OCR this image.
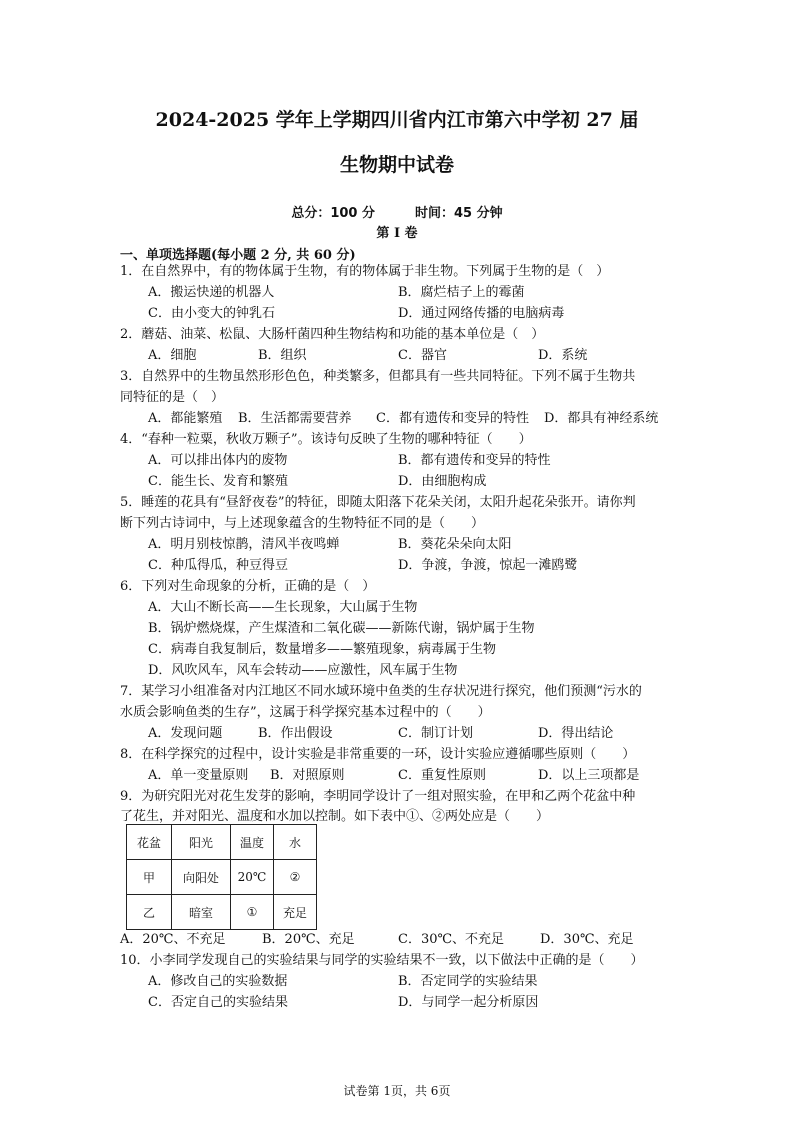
2024-2025 学年上学期四川省内江市第六中学初 27 届
生物期中试卷
总分：100 分	时间：45 分钟
第 I 卷
一、单项选择题(每小题 2 分, 共 60 分)
1．在自然界中，有的物体属于生物，有的物体属于非生物。下列属于生物的是（　）
A．搬运快递的机器人	B．腐烂桔子上的霉菌
C．由小变大的钟乳石	D．通过网络传播的电脑病毒
2．蘑菇、油菜、松鼠、大肠杆菌四种生物结构和功能的基本单位是（　）
A．细胞	B．组织	C．器官	D．系统
3．自然界中的生物虽然形形色色，种类繁多，但都具有一些共同特征。下列不属于生物共
同特征的是（　）
A．都能繁殖 B．生活都需要营养 C．都有遗传和变异的特性 D．都具有神经系统
4．“春种一粒粟，秋收万颗子”。该诗句反映了生物的哪种特征（　　）
A．可以排出体内的废物	B．都有遗传和变异的特性
C．能生长、发育和繁殖	D．由细胞构成
5．睡莲的花具有“昼舒夜卷”的特征，即随太阳落下花朵关闭，太阳升起花朵张开。请你判
断下列古诗词中，与上述现象蕴含的生物特征不同的是（　　）
A．明月别枝惊鹊，清风半夜鸣蝉	B．葵花朵朵向太阳
C．种瓜得瓜，种豆得豆	D．争渡，争渡，惊起一滩鸥鹭
6．下列对生命现象的分析，正确的是（　）
A．大山不断长高——生长现象，大山属于生物
B．锅炉燃烧煤，产生煤渣和二氧化碳——新陈代谢，锅炉属于生物
C．病毒自我复制后，数量增多——繁殖现象，病毒属于生物
D．风吹风车，风车会转动——应激性，风车属于生物
7．某学习小组准备对内江地区不同水域环境中鱼类的生存状况进行探究，他们预测“污水的
水质会影响鱼类的生存”，这属于科学探究基本过程中的（　　）
A．发现问题	B．作出假设	C．制订计划	D．得出结论
8．在科学探究的过程中，设计实验是非常重要的一环，设计实验应遵循哪些原则（　　）
A．单一变量原则 B．对照原则	C．重复性原则	D．以上三项都是
9．为研究阳光对花生发芽的影响，李明同学设计了一组对照实验，在甲和乙两个花盆中种
了花生，并对阳光、温度和水加以控制。如下表中①、②两处应是（　　）
花盆	阳光	温度	水
甲	向阳处	20℃	②
乙	暗室	①	充足
A．20℃、不充足	B．20℃、充足	C．30℃、不充足	D．30℃、充足
10．小李同学发现自己的实验结果与同学的实验结果不一致，以下做法中正确的是（　　）
A．修改自己的实验数据	B．否定同学的实验结果
C．否定自己的实验结果	D．与同学一起分析原因
试卷第 1页，共 6页
